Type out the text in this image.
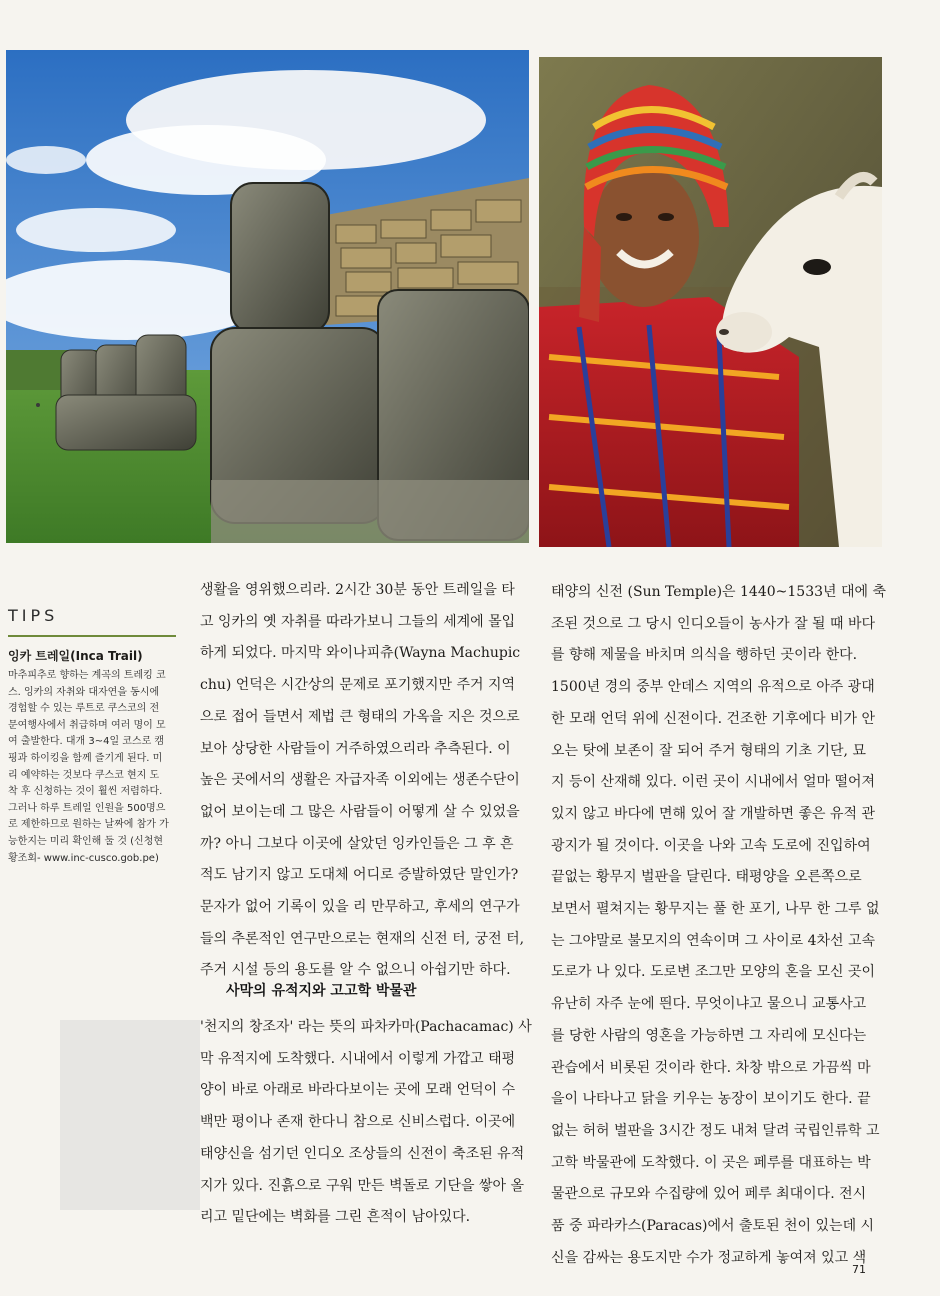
TIPS
잉카 트레일(Inca Trail)

마추피추로 향하는 계곡의 트레킹 코

스. 잉카의 자취와 대자연을 동시에

경험할 수 있는 루트로 쿠스코의 전

문여행사에서 취급하며 여러 명이 모

여 출발한다. 대개 3~4일 코스로 캠

핑과 하이킹을 함께 즐기게 된다. 미

리 예약하는 것보다 쿠스코 현지 도

착 후 신청하는 것이 훨씬 저렴하다.

그러나 하루 트레일 인원을 500명으

로 제한하므로 원하는 날짜에 참가 가

능한지는 미리 확인해 둘 것 (신청현

황조회- www.inc-cusco.gob.pe)

생활을 영위했으리라. 2시간 30분 동안 트레일을 타

고 잉카의 옛 자취를 따라가보니 그들의 세계에 몰입

하게 되었다. 마지막 와이나피츄(Wayna Machupic

chu) 언덕은 시간상의 문제로 포기했지만 주거 지역

으로 접어 들면서 제법 큰 형태의 가옥을 지은 것으로

보아 상당한 사람들이 거주하였으리라 추측된다. 이

높은 곳에서의 생활은 자급자족 이외에는 생존수단이

없어 보이는데 그 많은 사람들이 어떻게 살 수 있었을

까? 아니 그보다 이곳에 살았던 잉카인들은 그 후 흔

적도 남기지 않고 도대체 어디로 증발하였단 말인가?

문자가 없어 기록이 있을 리 만무하고, 후세의 연구가

들의 추론적인 연구만으로는 현재의 신전 터, 궁전 터,

주거 시설 등의 용도를 알 수 없으니 아쉽기만 하다.

사막의 유적지와 고고학 박물관

'천지의 창조자' 라는 뜻의 파차카마(Pachacamac) 사

막 유적지에 도착했다. 시내에서 이렇게 가깝고 태평

양이 바로 아래로 바라다보이는 곳에 모래 언덕이 수

백만 평이나 존재 한다니 참으로 신비스럽다. 이곳에

태양신을 섬기던 인디오 조상들의 신전이 축조된 유적

지가 있다. 진흙으로 구워 만든 벽돌로 기단을 쌓아 올

리고 밑단에는 벽화를 그린 흔적이 남아있다.

태양의 신전 (Sun Temple)은 1440~1533년 대에 축

조된 것으로 그 당시 인디오들이 농사가 잘 될 때 바다

를 향해 제물을 바치며 의식을 행하던 곳이라 한다.

1500년 경의 중부 안데스 지역의 유적으로 아주 광대

한 모래 언덕 위에 신전이다. 건조한 기후에다 비가 안

오는 탓에 보존이 잘 되어 주거 형태의 기초 기단, 묘

지 등이 산재해 있다. 이런 곳이 시내에서 얼마 떨어져

있지 않고 바다에 면해 있어 잘 개발하면 좋은 유적 관

광지가 될 것이다. 이곳을 나와 고속 도로에 진입하여

끝없는 황무지 벌판을 달린다. 태평양을 오른쪽으로

보면서 펼쳐지는 황무지는 풀 한 포기, 나무 한 그루 없

는 그야말로 불모지의 연속이며 그 사이로 4차선 고속

도로가 나 있다. 도로변 조그만 모양의 혼을 모신 곳이

유난히 자주 눈에 띈다. 무엇이냐고 물으니 교통사고

를 당한 사람의 영혼을 가능하면 그 자리에 모신다는

관습에서 비롯된 것이라 한다. 차창 밖으로 가끔씩 마

을이 나타나고 닭을 키우는 농장이 보이기도 한다. 끝

없는 허허 벌판을 3시간 정도 내쳐 달려 국립인류학 고

고학 박물관에 도착했다. 이 곳은 페루를 대표하는 박

물관으로 규모와 수집량에 있어 페루 최대이다. 전시

품 중 파라카스(Paracas)에서 출토된 천이 있는데 시

신을 감싸는 용도지만 수가 정교하게 놓여져 있고 색

71
